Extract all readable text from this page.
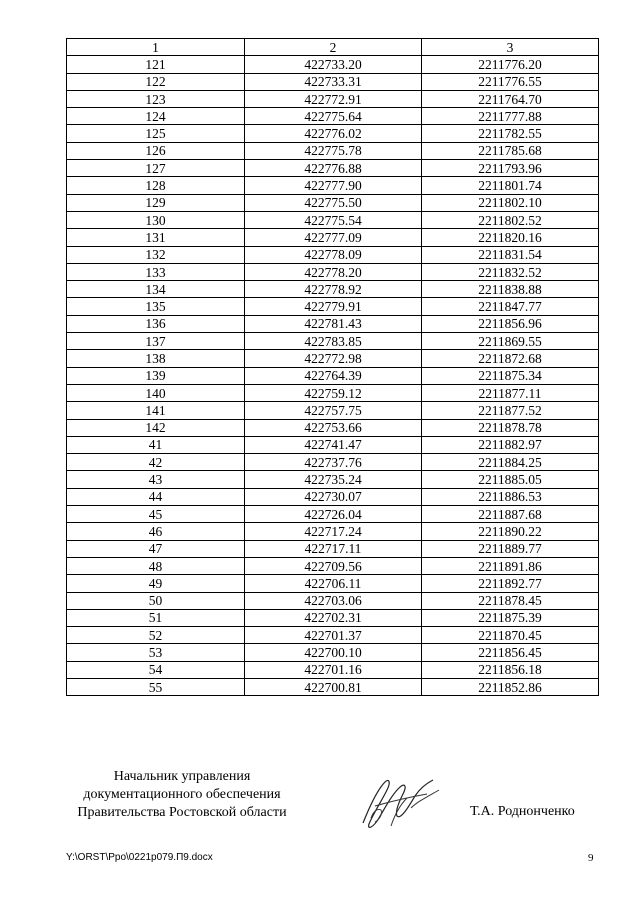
1	2	3
121	422733.20	2211776.20
122	422733.31	2211776.55
123	422772.91	2211764.70
124	422775.64	2211777.88
125	422776.02	2211782.55
126	422775.78	2211785.68
127	422776.88	2211793.96
128	422777.90	2211801.74
129	422775.50	2211802.10
130	422775.54	2211802.52
131	422777.09	2211820.16
132	422778.09	2211831.54
133	422778.20	2211832.52
134	422778.92	2211838.88
135	422779.91	2211847.77
136	422781.43	2211856.96
137	422783.85	2211869.55
138	422772.98	2211872.68
139	422764.39	2211875.34
140	422759.12	2211877.11
141	422757.75	2211877.52
142	422753.66	2211878.78
41	422741.47	2211882.97
42	422737.76	2211884.25
43	422735.24	2211885.05
44	422730.07	2211886.53
45	422726.04	2211887.68
46	422717.24	2211890.22
47	422717.11	2211889.77
48	422709.56	2211891.86
49	422706.11	2211892.77
50	422703.06	2211878.45
51	422702.31	2211875.39
52	422701.37	2211870.45
53	422700.10	2211856.45
54	422701.16	2211856.18
55	422700.81	2211852.86
Начальник управления
документационного обеспечения
Правительства Ростовской области	Т.А. Роднонченко
Y:\ORST\Ppo\0221p079.П9.docx	9
